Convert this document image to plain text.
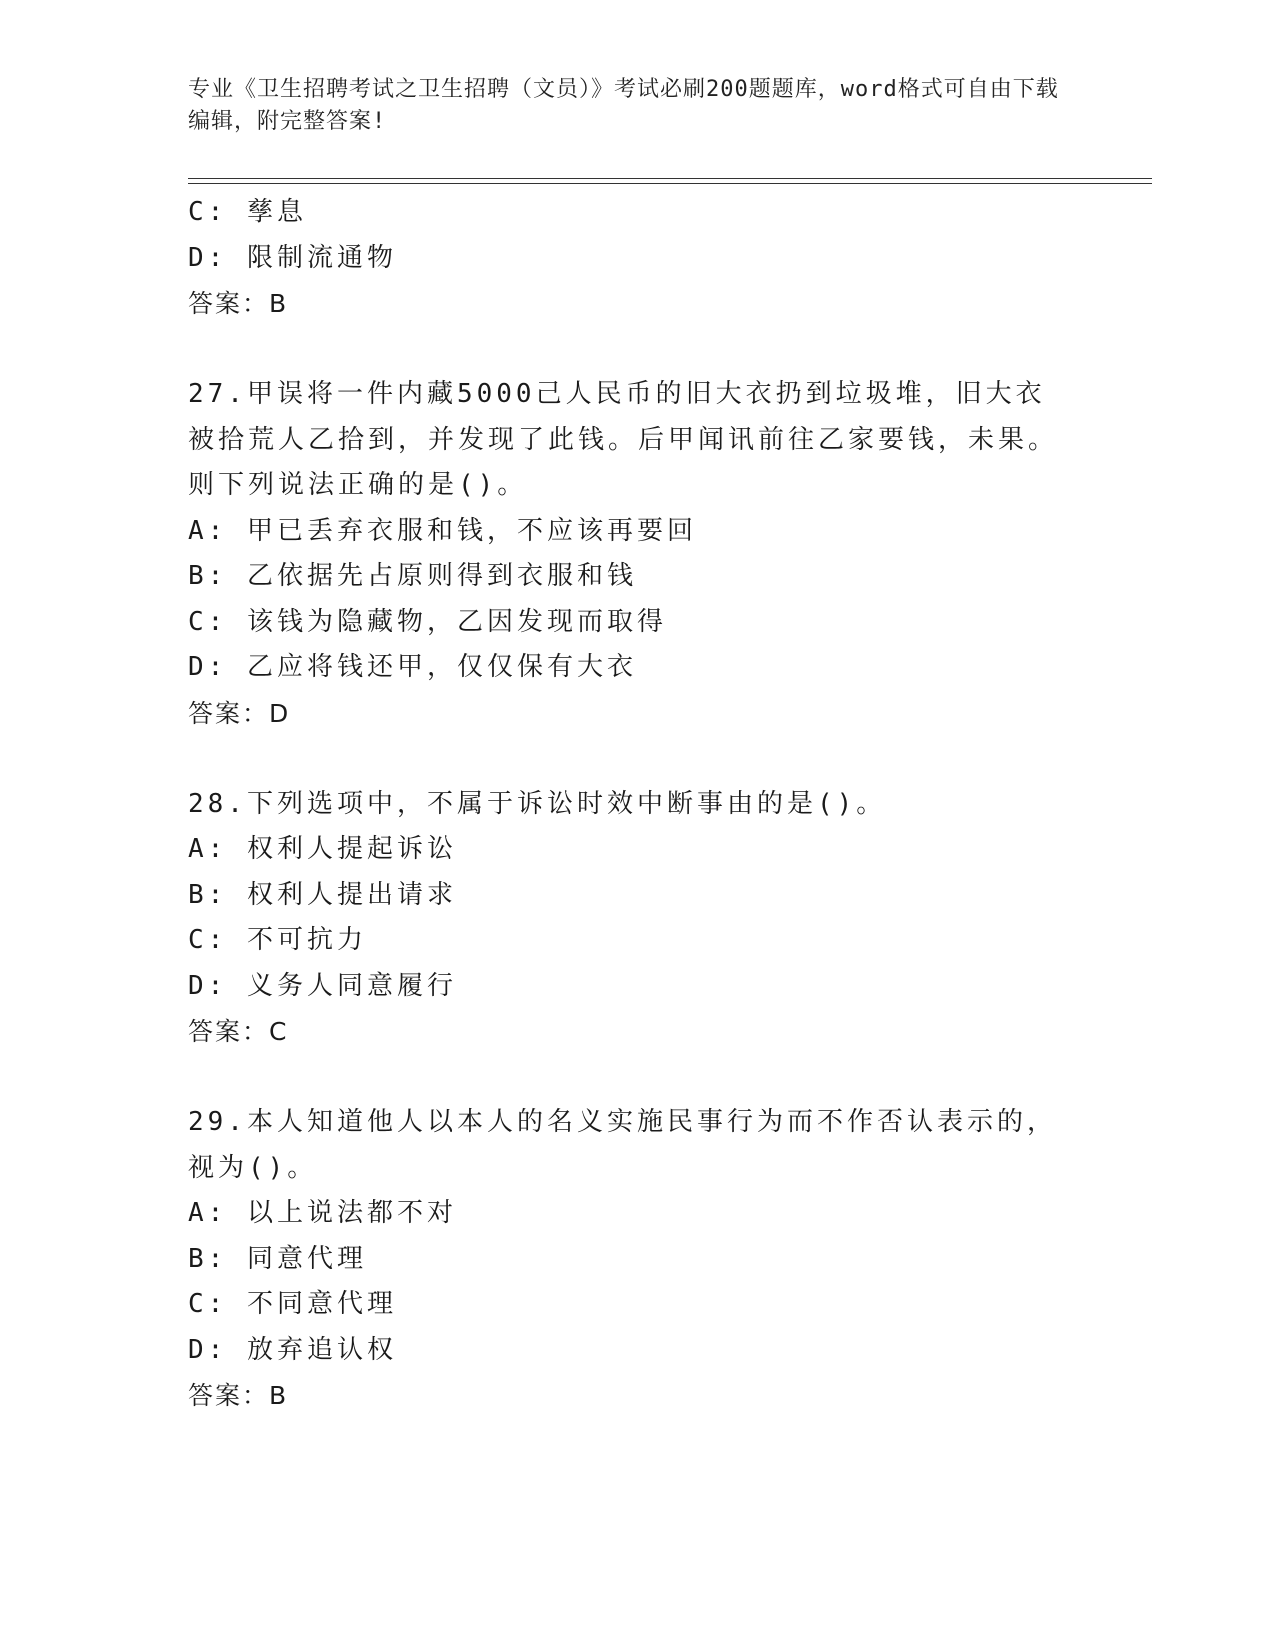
专业《卫生招聘考试之卫生招聘（文员）》考试必刷200题题库，word格式可自由下载编辑，附完整答案!
C: 孳息
D: 限制流通物
答案：B
27.甲误将一件内藏5000己人民币的旧大衣扔到垃圾堆，旧大衣被拾荒人乙拾到，并发现了此钱。后甲闻讯前往乙家要钱，未果。则下列说法正确的是()。
A: 甲已丢弃衣服和钱，不应该再要回
B: 乙依据先占原则得到衣服和钱
C: 该钱为隐藏物，乙因发现而取得
D: 乙应将钱还甲，仅仅保有大衣
答案：D
28.下列选项中，不属于诉讼时效中断事由的是()。
A: 权利人提起诉讼
B: 权利人提出请求
C: 不可抗力
D: 义务人同意履行
答案：C
29.本人知道他人以本人的名义实施民事行为而不作否认表示的，视为()。
A: 以上说法都不对
B: 同意代理
C: 不同意代理
D: 放弃追认权
答案：B
